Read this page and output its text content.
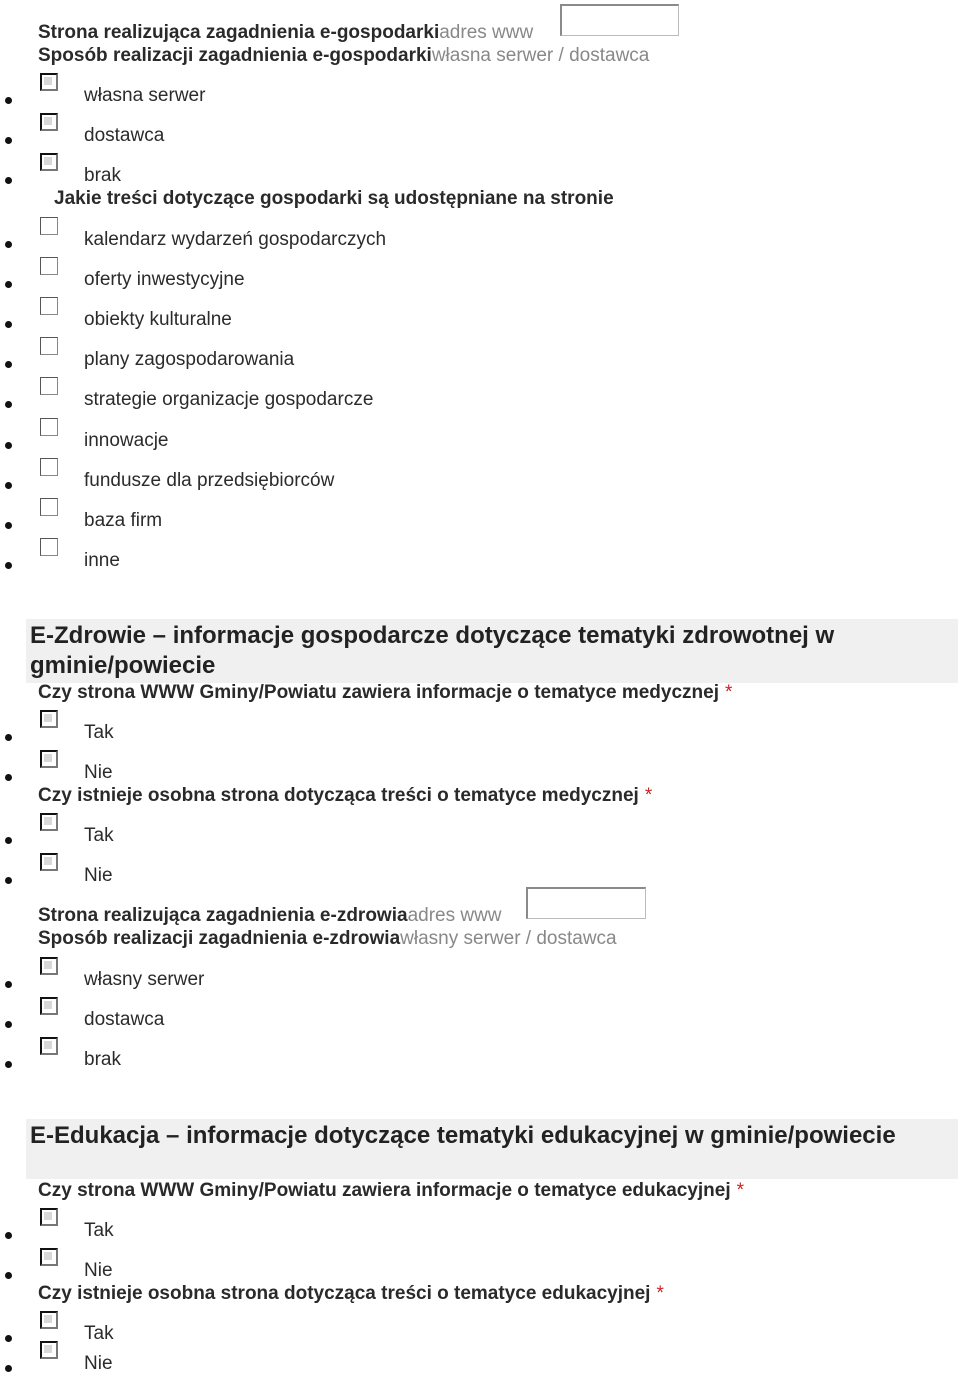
Strona realizująca zagadnienia e-gospodarkiadres www
Sposób realizacji zagadnienia e-gospodarkiwłasna serwer / dostawca
własna serwer
dostawca
brak
Jakie treści dotyczące gospodarki są udostępniane na stronie
kalendarz wydarzeń gospodarczych
oferty inwestycyjne
obiekty kulturalne
plany zagospodarowania
strategie organizacje gospodarcze
innowacje
fundusze dla przedsiębiorców
baza firm
inne
E-Zdrowie – informacje gospodarcze dotyczące tematyki zdrowotnej w gminie/powiecie
Czy strona WWW Gminy/Powiatu zawiera informacje o tematyce medycznej *
Tak
Nie
Czy istnieje osobna strona dotycząca treści o tematyce medycznej *
Tak
Nie
Strona realizująca zagadnienia e-zdrowiaadres www
Sposób realizacji zagadnienia e-zdrowiawłasny serwer / dostawca
własny serwer
dostawca
brak
E-Edukacja – informacje dotyczące tematyki edukacyjnej w gminie/powiecie
Czy strona WWW Gminy/Powiatu zawiera informacje o tematyce edukacyjnej *
Tak
Nie
Czy istnieje osobna strona dotycząca treści o tematyce edukacyjnej *
Tak
Nie
